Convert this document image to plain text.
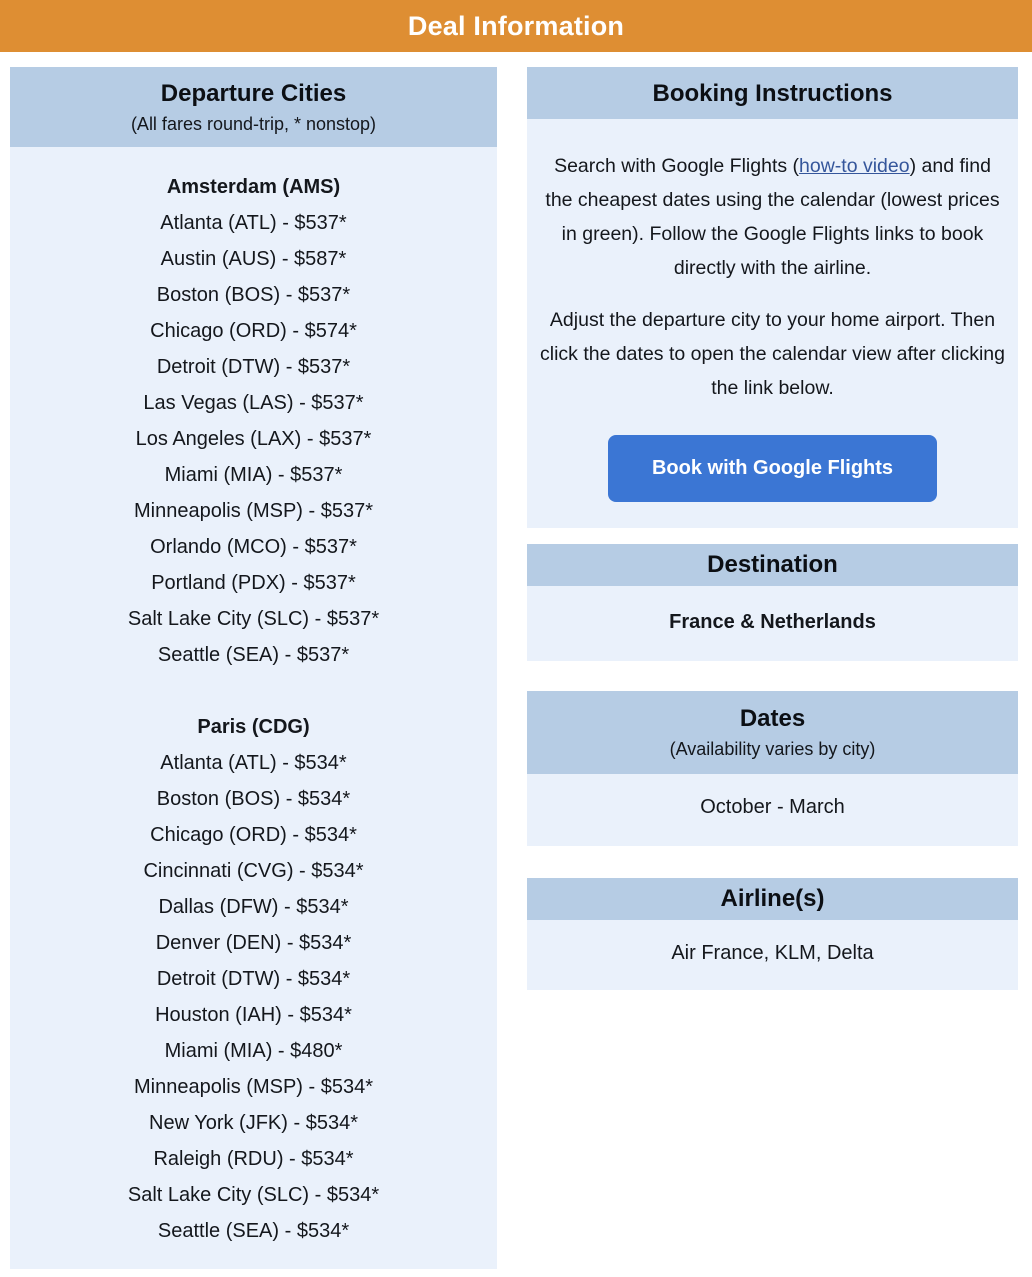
Deal Information
Departure Cities
(All fares round-trip, * nonstop)
Amsterdam (AMS)
Atlanta (ATL) - $537*
Austin (AUS) - $587*
Boston (BOS) - $537*
Chicago (ORD) - $574*
Detroit (DTW) - $537*
Las Vegas (LAS) - $537*
Los Angeles (LAX) - $537*
Miami (MIA) - $537*
Minneapolis (MSP) - $537*
Orlando (MCO) - $537*
Portland (PDX) - $537*
Salt Lake City (SLC) - $537*
Seattle (SEA) - $537*
Paris (CDG)
Atlanta (ATL) - $534*
Boston (BOS) - $534*
Chicago (ORD) - $534*
Cincinnati (CVG) - $534*
Dallas (DFW) - $534*
Denver (DEN) - $534*
Detroit (DTW) - $534*
Houston (IAH) - $534*
Miami (MIA) - $480*
Minneapolis (MSP) - $534*
New York (JFK) - $534*
Raleigh (RDU) - $534*
Salt Lake City (SLC) - $534*
Seattle (SEA) - $534*
Booking Instructions

Search with Google Flights (how-to video) and find the cheapest dates using the calendar (lowest prices in green). Follow the Google Flights links to book directly with the airline.

Adjust the departure city to your home airport. Then click the dates to open the calendar view after clicking the link below.

Book with Google Flights
Destination
France & Netherlands
Dates
(Availability varies by city)
October - March
Airline(s)
Air France, KLM, Delta
